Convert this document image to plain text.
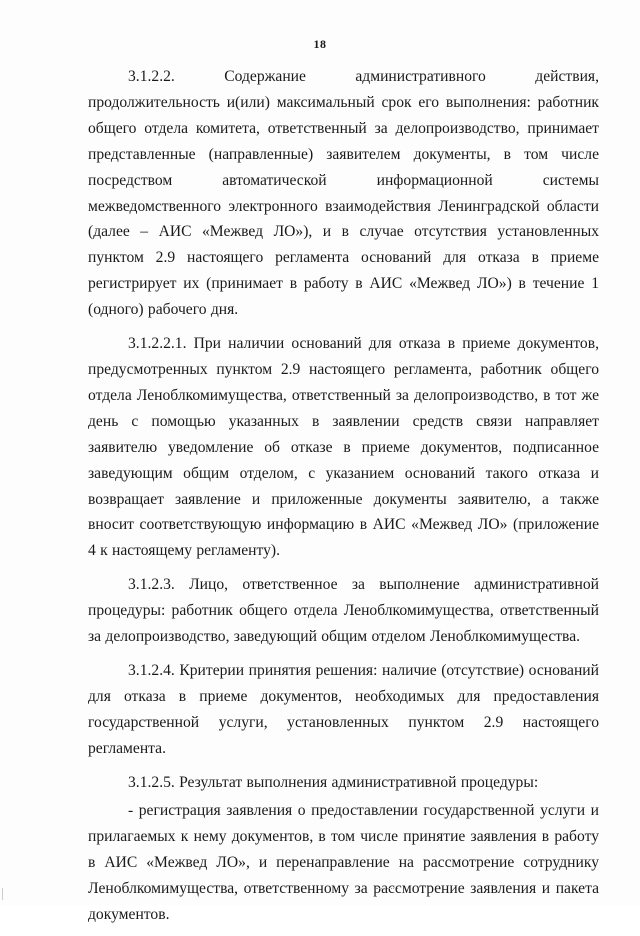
18

3.1.2.2. Содержание административного действия, продолжительность и(или) максимальный срок его выполнения: работник общего отдела комитета, ответственный за делопроизводство, принимает представленные (направленные) заявителем документы, в том числе посредством автоматической информационной системы межведомственного электронного взаимодействия Ленинградской области (далее – АИС «Межвед ЛО»), и в случае отсутствия установленных пунктом 2.9 настоящего регламента оснований для отказа в приеме регистрирует их (принимает в работу в АИС «Межвед ЛО») в течение 1 (одного) рабочего дня.

3.1.2.2.1. При наличии оснований для отказа в приеме документов, предусмотренных пунктом 2.9 настоящего регламента, работник общего отдела Леноблкомимущества, ответственный за делопроизводство, в тот же день с помощью указанных в заявлении средств связи направляет заявителю уведомление об отказе в приеме документов, подписанное заведующим общим отделом, с указанием оснований такого отказа и возвращает заявление и приложенные документы заявителю, а также вносит соответствующую информацию в АИС «Межвед ЛО» (приложение 4 к настоящему регламенту).

3.1.2.3. Лицо, ответственное за выполнение административной процедуры: работник общего отдела Леноблкомимущества, ответственный за делопроизводство, заведующий общим отделом Леноблкомимущества.

3.1.2.4. Критерии принятия решения: наличие (отсутствие) оснований для отказа в приеме документов, необходимых для предоставления государственной услуги, установленных пунктом 2.9 настоящего регламента.

3.1.2.5. Результат выполнения административной процедуры:

- регистрация заявления о предоставлении государственной услуги и прилагаемых к нему документов, в том числе принятие заявления в работу в АИС «Межвед ЛО», и перенаправление на рассмотрение сотруднику Леноблкомимущества, ответственному за рассмотрение заявления и пакета документов.
